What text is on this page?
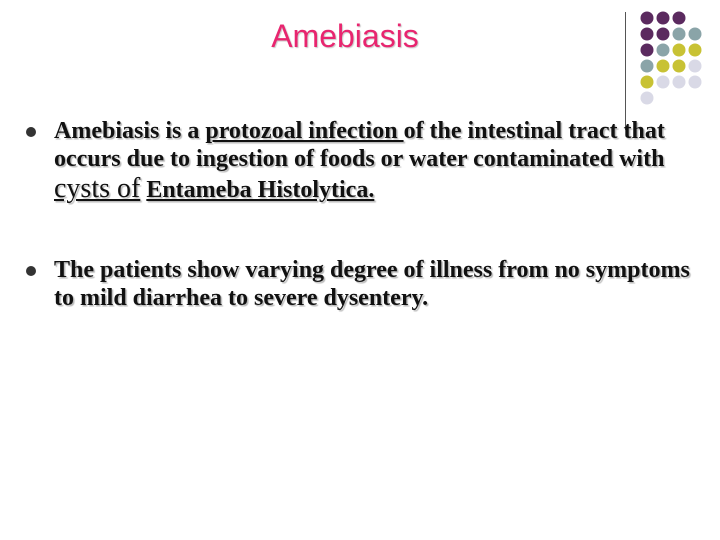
Amebiasis
Amebiasis is a protozoal infection of the intestinal tract that occurs due to ingestion of foods or water contaminated with cysts of Entameba Histolytica.
The patients show varying degree of illness from no symptoms to mild diarrhea to severe dysentery.
